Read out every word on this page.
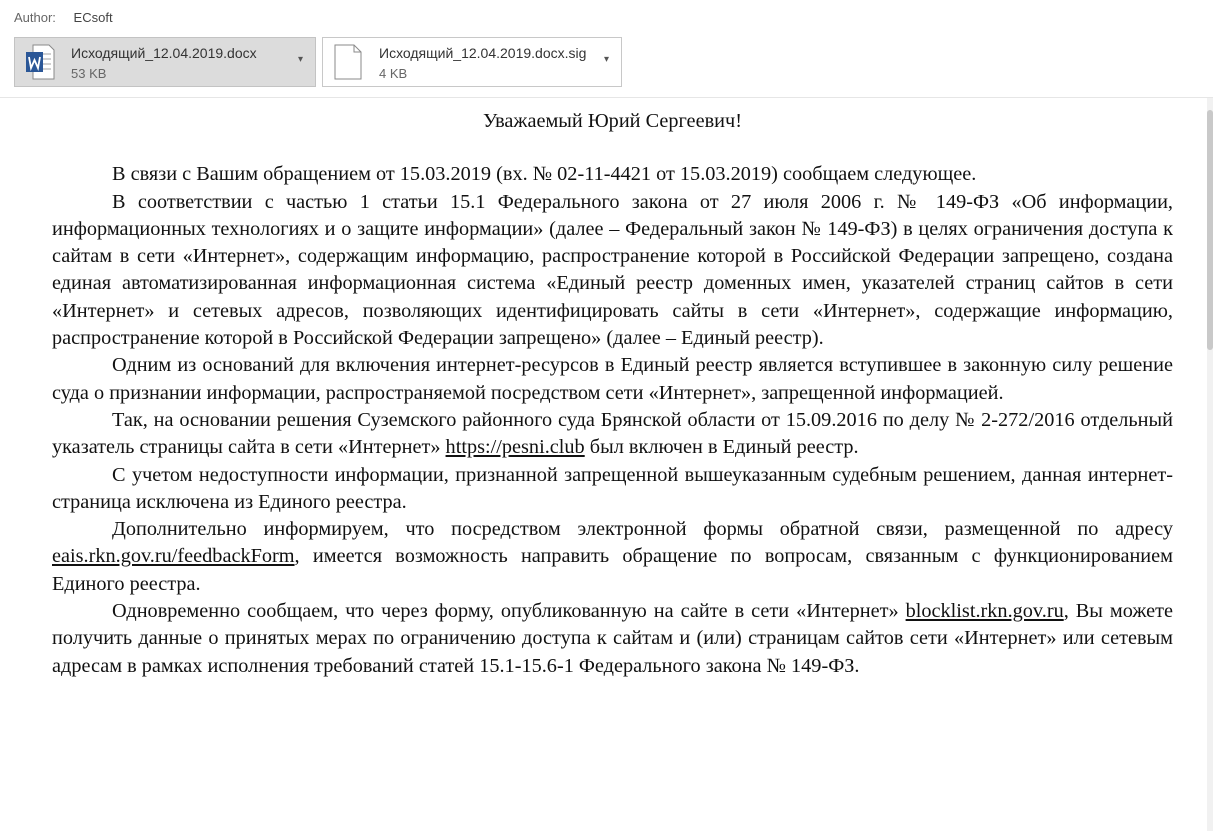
Author: ECsoft
Исходящий_12.04.2019.docx
53 KB
▾	Исходящий_12.04.2019.docx.sig
4 KB
▾
Уважаемый Юрий Сергеевич!

В связи с Вашим обращением от 15.03.2019 (вх. № 02-11-4421 от 15.03.2019) сообщаем следующее.

В соответствии с частью 1 статьи 15.1 Федерального закона от 27 июля 2006 г. № 149-ФЗ «Об информации, информационных технологиях и о защите информации» (далее – Федеральный закон № 149-ФЗ) в целях ограничения доступа к сайтам в сети «Интернет», содержащим информацию, распространение которой в Российской Федерации запрещено, создана единая автоматизированная информационная система «Единый реестр доменных имен, указателей страниц сайтов в сети «Интернет» и сетевых адресов, позволяющих идентифицировать сайты в сети «Интернет», содержащие информацию, распространение которой в Российской Федерации запрещено» (далее – Единый реестр).

Одним из оснований для включения интернет-ресурсов в Единый реестр является вступившее в законную силу решение суда о признании информации, распространяемой посредством сети «Интернет», запрещенной информацией.

Так, на основании решения Суземского районного суда Брянской области от 15.09.2016 по делу № 2-272/2016 отдельный указатель страницы сайта в сети «Интернет» https://pesni.club был включен в Единый реестр.

С учетом недоступности информации, признанной запрещенной вышеуказанным судебным решением, данная интернет-страница исключена из Единого реестра.

Дополнительно информируем, что посредством электронной формы обратной связи, размещенной по адресу eais.rkn.gov.ru/feedbackForm, имеется возможность направить обращение по вопросам, связанным с функционированием Единого реестра.

Одновременно сообщаем, что через форму, опубликованную на сайте в сети «Интернет» blocklist.rkn.gov.ru, Вы можете получить данные о принятых мерах по ограничению доступа к сайтам и (или) страницам сайтов сети «Интернет» или сетевым адресам в рамках исполнения требований статей 15.1-15.6-1 Федерального закона № 149-ФЗ.
